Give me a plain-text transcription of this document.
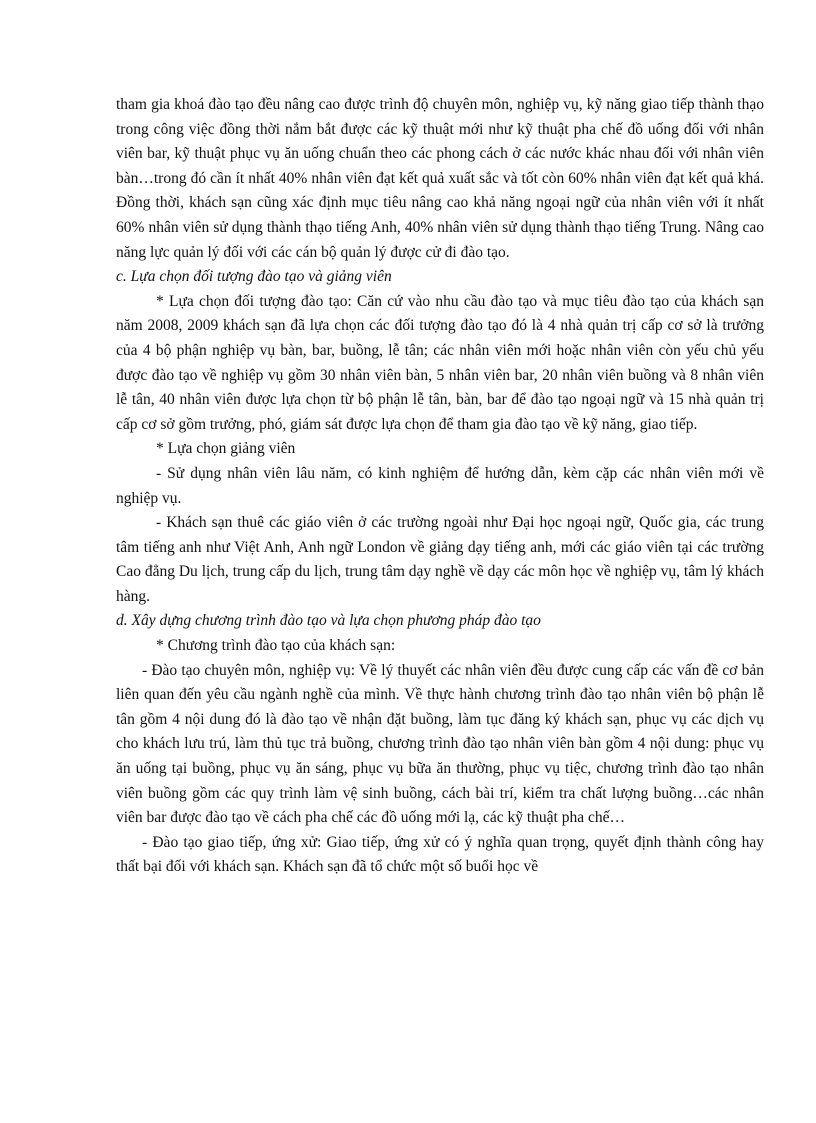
tham gia khoá đào tạo đều nâng cao được trình độ chuyên môn, nghiệp vụ, kỹ năng giao tiếp thành thạo trong công việc đồng thời nắm bắt được các kỹ thuật mới như kỹ thuật pha chế đồ uống đối với nhân viên bar, kỹ thuật phục vụ ăn uống chuẩn theo các phong cách ở các nước khác nhau đối với nhân viên bàn…trong đó cần ít nhất 40% nhân viên đạt kết quả xuất sắc và tốt còn 60% nhân viên đạt kết quả khá. Đồng thời, khách sạn cũng xác định mục tiêu nâng cao khả năng ngoại ngữ của nhân viên với ít nhất 60% nhân viên sử dụng thành thạo tiếng Anh, 40% nhân viên sử dụng thành thạo tiếng Trung. Nâng cao năng lực quản lý đối với các cán bộ quản lý được cử đi đào tạo.

c. Lựa chọn đối tượng đào tạo và giảng viên

* Lựa chọn đối tượng đào tạo: Căn cứ vào nhu cầu đào tạo và mục tiêu đào tạo của khách sạn năm 2008, 2009 khách sạn đã lựa chọn các đối tượng đào tạo đó là 4 nhà quản trị cấp cơ sở là trưởng của 4 bộ phận nghiệp vụ bàn, bar, buồng, lễ tân; các nhân viên mới hoặc nhân viên còn yếu chủ yếu được đào tạo về nghiệp vụ gồm 30 nhân viên bàn, 5 nhân viên bar, 20 nhân viên buồng và 8 nhân viên lễ tân, 40 nhân viên được lựa chọn từ bộ phận lễ tân, bàn, bar để đào tạo ngoại ngữ và 15 nhà quản trị cấp cơ sở gồm trưởng, phó, giám sát được lựa chọn để tham gia đào tạo về kỹ năng, giao tiếp.

* Lựa chọn giảng viên

- Sử dụng nhân viên lâu năm, có kinh nghiệm để hướng dẫn, kèm cặp các nhân viên mới về nghiệp vụ.

- Khách sạn thuê các giáo viên ở các trường ngoài như Đại học ngoại ngữ, Quốc gia, các trung tâm tiếng anh như Việt Anh, Anh ngữ London về giảng dạy tiếng anh, mới các giáo viên tại các trường Cao đẳng Du lịch, trung cấp du lịch, trung tâm dạy nghề về dạy các môn học về nghiệp vụ, tâm lý khách hàng.

d. Xây dựng chương trình đào tạo và lựa chọn phương pháp đào tạo

* Chương trình đào tạo của khách sạn:

- Đào tạo chuyên môn, nghiệp vụ: Về lý thuyết các nhân viên đều được cung cấp các vấn đề cơ bản liên quan đến yêu cầu ngành nghề của mình. Về thực hành chương trình đào tạo nhân viên bộ phận lễ tân gồm 4 nội dung đó là đào tạo về nhận đặt buồng, làm tục đăng ký khách sạn, phục vụ các dịch vụ cho khách lưu trú, làm thủ tục trả buồng, chương trình đào tạo nhân viên bàn gồm 4 nội dung: phục vụ ăn uống tại buồng, phục vụ ăn sáng, phục vụ bữa ăn thường, phục vụ tiệc, chương trình đào tạo nhân viên buồng gồm các quy trình làm vệ sinh buồng, cách bài trí, kiểm tra chất lượng buồng…các nhân viên bar được đào tạo về cách pha chế các đồ uống mới lạ, các kỹ thuật pha chế…

- Đào tạo giao tiếp, ứng xử: Giao tiếp, ứng xử có ý nghĩa quan trọng, quyết định thành công hay thất bại đối với khách sạn. Khách sạn đã tổ chức một số buổi học về
